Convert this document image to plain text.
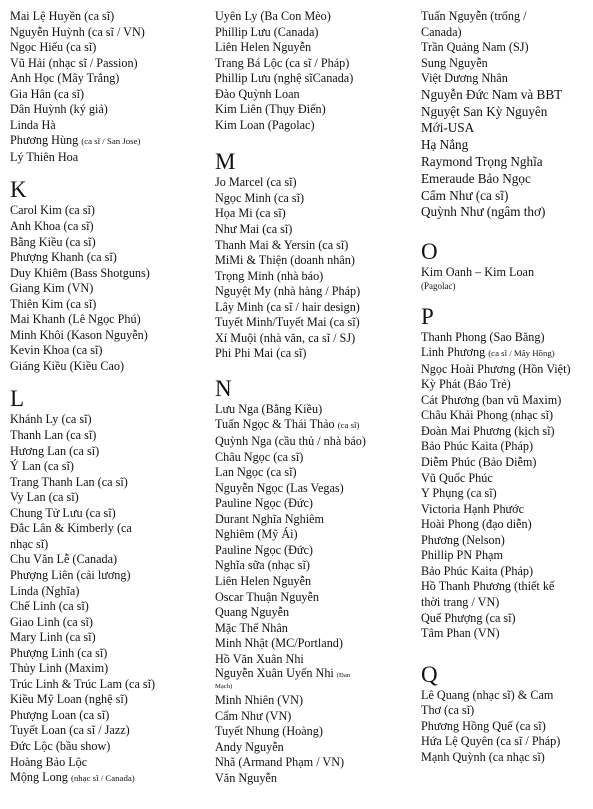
Mai Lệ Huyền (ca sĩ)
Nguyễn Huỳnh (ca sĩ / VN)
Ngọc Hiếu (ca sĩ)
Vũ Hải (nhạc sĩ / Passion)
Anh Học (Mây Trắng)
Gia Hân (ca sĩ)
Dân Huỳnh (ký giả)
Linda Hà
Phương Hùng (ca sĩ / San Jose)
Lý Thiên Hoa
K
Carol Kim (ca sĩ)
Anh Khoa (ca sĩ)
Bằng Kiều (ca sĩ)
Phượng Khanh (ca sĩ)
Duy Khiêm (Bass Shotguns)
Giang Kim (VN)
Thiên Kim (ca sĩ)
Mai Khanh (Lê Ngọc Phú)
Minh Khôi (Kason Nguyễn)
Kevin Khoa (ca sĩ)
Giáng Kiều (Kiều Cao)
L
Khánh Ly (ca sĩ)
Thanh Lan (ca sĩ)
Hương Lan (ca sĩ)
Ý Lan (ca sĩ)
Trang Thanh Lan (ca sĩ)
Vy Lan (ca sĩ)
Chung Tử Lưu (ca sĩ)
Đắc Lân & Kimberly (ca
nhạc sĩ)
Chu Văn Lễ (Canada)
Phượng Liên (cải lương)
Linda (Nghĩa)
Chế Linh (ca sĩ)
Giao Linh (ca sĩ)
Mary Linh (ca sĩ)
Phượng Linh (ca sĩ)
Thủy Linh (Maxim)
Trúc Linh & Trúc Lam (ca sĩ)
Kiều Mỹ Loan (nghệ sĩ)
Phượng Loan (ca sĩ)
Tuyết Loan (ca sĩ / Jazz)
Đức Lộc (bầu show)
Hoàng Bảo Lộc
Mộng Long (nhạc sĩ / Canada)
Uyên Ly (Ba Con Mèo)
Phillip Lưu (Canada)
Liên Helen Nguyễn
Trang Bá Lộc (ca sĩ / Pháp)
Phillip Lưu (nghệ sĩCanada)
Đào Quỳnh Loan
Kim Liên (Thụy Điển)
Kim Loan (Pagolac)
M
Jo Marcel (ca sĩ)
Ngọc Minh (ca sĩ)
Họa Mi (ca sĩ)
Như Mai (ca sĩ)
Thanh Mai & Yersin (ca sĩ)
MiMi & Thiện (doanh nhân)
Trọng Minh (nhà báo)
Nguyệt My (nhà hàng / Pháp)
Lây Minh (ca sĩ / hair design)
Tuyết Minh/Tuyết Mai (ca sĩ)
Xí Muội (nhà văn, ca sĩ / SJ)
Phi Phi Mai (ca sĩ)
N
Lưu Nga (Bằng Kiều)
Tuấn Ngọc & Thái Thảo (ca sĩ)
Quỳnh Nga (cầu thủ / nhà báo)
Châu Ngọc (ca sĩ)
Lan Ngọc (ca sĩ)
Nguyễn Ngọc (Las Vegas)
Pauline Ngọc (Đức)
Durant Nghĩa Nghiêm
Nghiêm (Mỹ Ái)
Pauline Ngọc (Đức)
Nghĩa sữa (nhạc sĩ)
Liên Helen Nguyễn
Oscar Thuận Nguyễn
Quang Nguyễn
Mặc Thế Nhân
Minh Nhật (MC/Portland)
Hồ Văn Xuân Nhi
Nguyễn Xuân Uyển Nhi (Đan
Mạch)
Minh Nhiên (VN)
Cẩm Như (VN)
Tuyết Nhung (Hoàng)
Andy Nguyễn
Nhã (Armand Phạm / VN)
Văn Nguyễn
Tuấn Nguyễn (trống /
Canada)
Trần Quảng Nam (SJ)
Sung Nguyễn
Việt Dương Nhân
Nguyễn Đức Nam và BBT
Nguyệt San Kỳ Nguyên
Mới-USA
Hạ Nắng
Raymond Trọng Nghĩa
Emeraude Bảo Ngọc
Cẩm Như (ca sĩ)
Quỳnh Như (ngâm thơ)
O
Kim Oanh – Kim Loan
(Pagolac)
P
Thanh Phong (Sao Băng)
Linh Phương (ca sĩ / Mây Hồng)
Ngọc Hoài Phương (Hồn Việt)
Kỳ Phát (Báo Trẻ)
Cát Phương (ban vũ Maxim)
Châu Khải Phong (nhạc sĩ)
Đoàn Mai Phương (kịch sĩ)
Bảo Phúc Kaita (Pháp)
Diễm Phúc (Bảo Diễm)
Vũ Quốc Phúc
Y Phụng (ca sĩ)
Victoria Hạnh Phước
Hoài Phong (đạo diễn)
Phương (Nelson)
Phillip PN Phạm
Bảo Phúc Kaita (Pháp)
Hồ Thanh Phương (thiết kế
thời trang / VN)
Quế Phượng (ca sĩ)
Tâm Phan (VN)
Q
Lê Quang (nhạc sĩ) & Cam
Thơ (ca sĩ)
Phương Hồng Quế (ca sĩ)
Hứa Lệ Quyên (ca sĩ / Pháp)
Mạnh Quỳnh (ca nhạc sĩ)
